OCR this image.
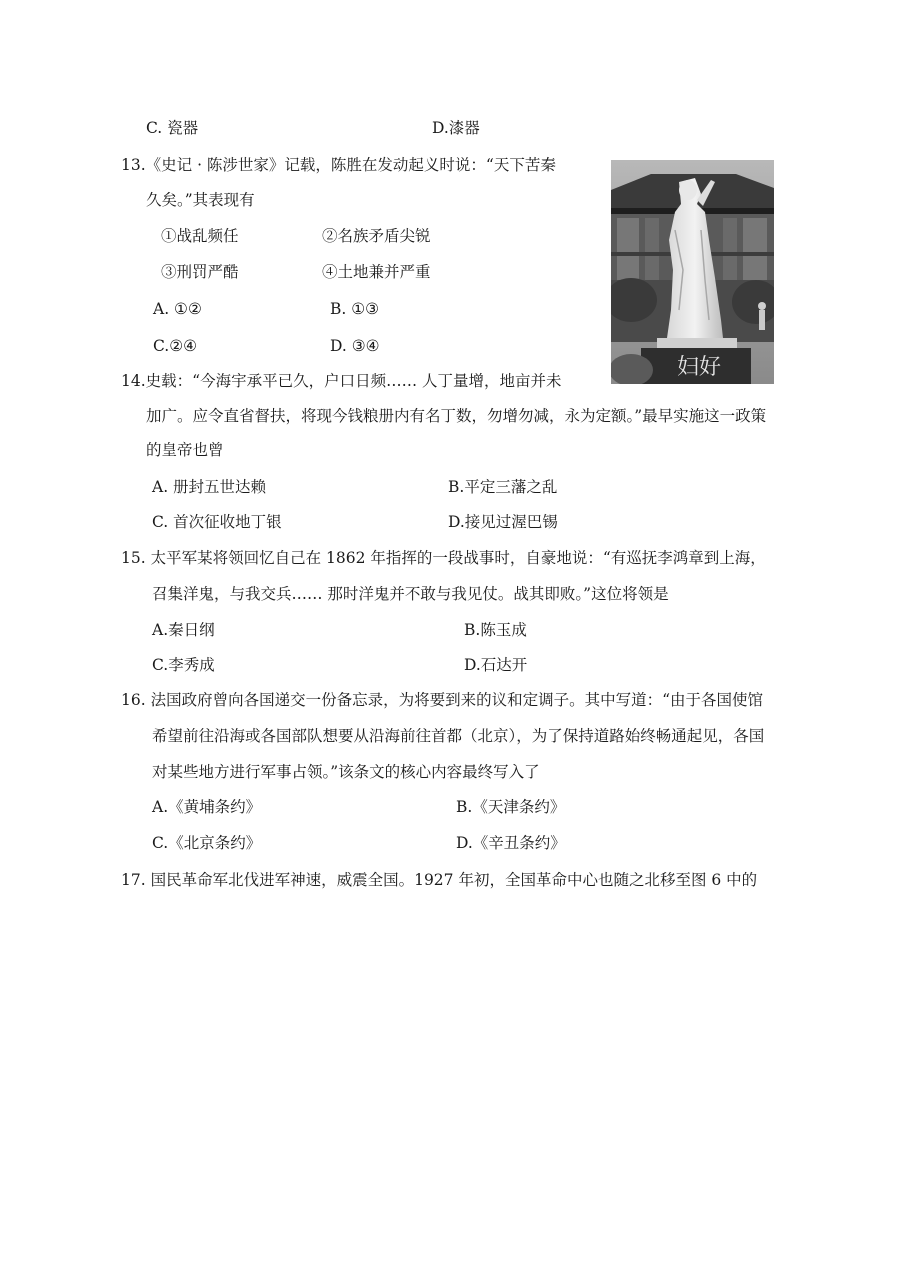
C. 瓷器	D.漆器
13.《史记 · 陈涉世家》记载，陈胜在发动起义时说：“天下苦秦
久矣。”其表现有
①战乱频任	②名族矛盾尖锐
③刑罚严酷	④土地兼并严重
A. ①②	B. ①③
C.②④	D. ③④
妇好
14.史载：“今海宇承平已久，户口日频…… 人丁量增，地亩并未
加广。应令直省督扶，将现今钱粮册内有名丁数，勿增勿减，永为定额。”最早实施这一政策
的皇帝也曾
A. 册封五世达赖	B.平定三藩之乱
C. 首次征收地丁银	D.接见过渥巴锡
15. 太平军某将领回忆自己在 1862 年指挥的一段战事时，自豪地说：“有巡抚李鸿章到上海，
召集洋鬼，与我交兵…… 那时洋鬼并不敢与我见仗。战其即败。”这位将领是
A.秦日纲	B.陈玉成
C.李秀成	D.石达开
16. 法国政府曾向各国递交一份备忘录，为将要到来的议和定调子。其中写道：“由于各国使馆
希望前往沿海或各国部队想要从沿海前往首都（北京），为了保持道路始终畅通起见，各国
对某些地方进行军事占领。”该条文的核心内容最终写入了
A.《黄埔条约》	B.《天津条约》
C.《北京条约》	D.《辛丑条约》
17. 国民革命军北伐进军神速，威震全国。1927 年初，全国革命中心也随之北移至图 6 中的
